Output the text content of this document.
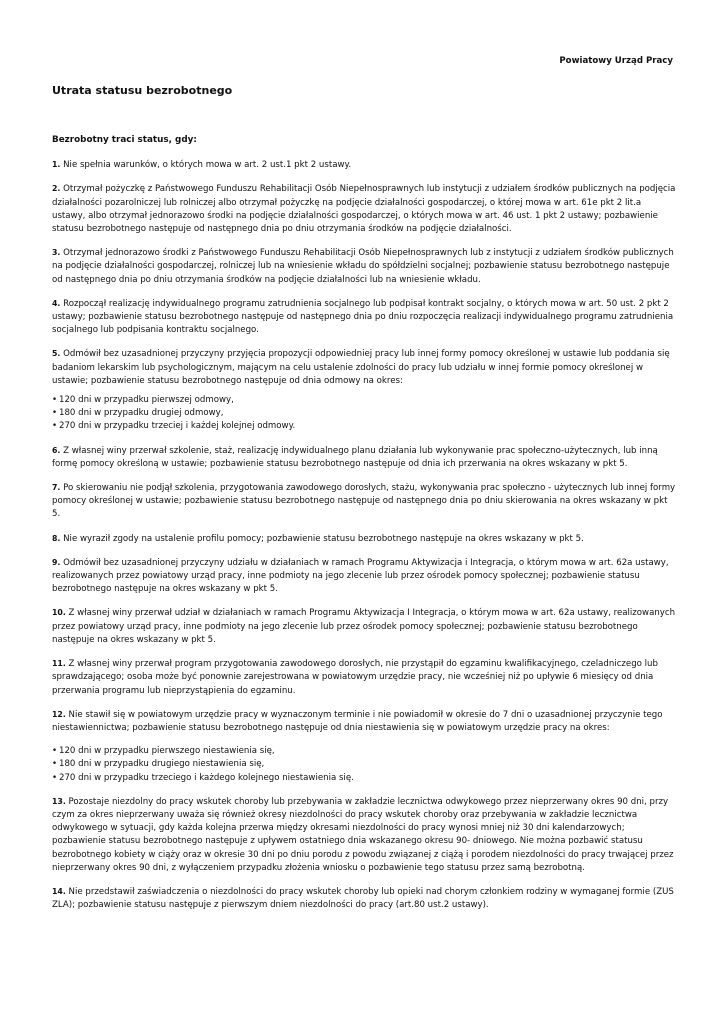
Powiatowy Urząd Pracy
Utrata statusu bezrobotnego

Bezrobotny traci status, gdy:

1. Nie spełnia warunków, o których mowa w art. 2 ust.1 pkt 2 ustawy.

2. Otrzymał pożyczkę z Państwowego Funduszu Rehabilitacji Osób Niepełnosprawnych lub instytucji z udziałem środków publicznych na podjęcia działalności pozarolniczej lub rolniczej albo otrzymał pożyczkę na podjęcie działalności gospodarczej, o której mowa w art. 61e pkt 2 lit.a ustawy, albo otrzymał jednorazowo środki na podjęcie działalności gospodarczej, o których mowa w art. 46 ust. 1 pkt 2 ustawy; pozbawienie statusu bezrobotnego następuje od następnego dnia po dniu otrzymania środków na podjęcie działalności.

3. Otrzymał jednorazowo środki z Państwowego Funduszu Rehabilitacji Osób Niepełnosprawnych lub z instytucji z udziałem środków publicznych na podjęcie działalności gospodarczej, rolniczej lub na wniesienie wkładu do spółdzielni socjalnej; pozbawienie statusu bezrobotnego następuje od następnego dnia po dniu otrzymania środków na podjęcie działalności lub na wniesienie wkładu.

4. Rozpoczął realizację indywidualnego programu zatrudnienia socjalnego lub podpisał kontrakt socjalny, o których mowa w art. 50 ust. 2 pkt 2 ustawy; pozbawienie statusu bezrobotnego następuje od następnego dnia po dniu rozpoczęcia realizacji indywidualnego programu zatrudnienia socjalnego lub podpisania kontraktu socjalnego.

5. Odmówił bez uzasadnionej przyczyny przyjęcia propozycji odpowiedniej pracy lub innej formy pomocy określonej w ustawie lub poddania się badaniom lekarskim lub psychologicznym, mającym na celu ustalenie zdolności do pracy lub udziału w innej formie pomocy określonej w ustawie; pozbawienie statusu bezrobotnego następuje od dnia odmowy na okres:

• 120 dni w przypadku pierwszej odmowy,
• 180 dni w przypadku drugiej odmowy,
• 270 dni w przypadku trzeciej i każdej kolejnej odmowy.

6. Z własnej winy przerwał szkolenie, staż, realizację indywidualnego planu działania lub wykonywanie prac społeczno-użytecznych, lub inną formę pomocy określoną w ustawie; pozbawienie statusu bezrobotnego następuje od dnia ich przerwania na okres wskazany w pkt 5.

7. Po skierowaniu nie podjął szkolenia, przygotowania zawodowego dorosłych, stażu, wykonywania prac społeczno - użytecznych lub innej formy pomocy określonej w ustawie; pozbawienie statusu bezrobotnego następuje od następnego dnia po dniu skierowania na okres wskazany w pkt 5.

8. Nie wyraził zgody na ustalenie profilu pomocy; pozbawienie statusu bezrobotnego następuje na okres wskazany w pkt 5.

9. Odmówił bez uzasadnionej przyczyny udziału w działaniach w ramach Programu Aktywizacja i Integracja, o którym mowa w art. 62a ustawy, realizowanych przez powiatowy urząd pracy, inne podmioty na jego zlecenie lub przez ośrodek pomocy społecznej; pozbawienie statusu bezrobotnego następuje na okres wskazany w pkt 5.

10. Z własnej winy przerwał udział w działaniach w ramach Programu Aktywizacja I Integracja, o którym mowa w art. 62a ustawy, realizowanych przez powiatowy urząd pracy, inne podmioty na jego zlecenie lub przez ośrodek pomocy społecznej; pozbawienie statusu bezrobotnego następuje na okres wskazany w pkt 5.

11. Z własnej winy przerwał program przygotowania zawodowego dorosłych, nie przystąpił do egzaminu kwalifikacyjnego, czeladniczego lub sprawdzającego; osoba może być ponownie zarejestrowana w powiatowym urzędzie pracy, nie wcześniej niż po upływie 6 miesięcy od dnia przerwania programu lub nieprzystąpienia do egzaminu.

12. Nie stawił się w powiatowym urzędzie pracy w wyznaczonym terminie i nie powiadomił w okresie do 7 dni o uzasadnionej przyczynie tego niestawiennictwa; pozbawienie statusu bezrobotnego następuje od dnia niestawienia się w powiatowym urzędzie pracy na okres:

• 120 dni w przypadku pierwszego niestawienia się,
• 180 dni w przypadku drugiego niestawienia się,
• 270 dni w przypadku trzeciego i każdego kolejnego niestawienia się.

13. Pozostaje niezdolny do pracy wskutek choroby lub przebywania w zakładzie lecznictwa odwykowego przez nieprzerwany okres 90 dni, przy czym za okres nieprzerwany uważa się również okresy niezdolności do pracy wskutek choroby oraz przebywania w zakładzie lecznictwa odwykowego w sytuacji, gdy każda kolejna przerwa między okresami niezdolności do pracy wynosi mniej niż 30 dni kalendarzowych; pozbawienie statusu bezrobotnego następuje z upływem ostatniego dnia wskazanego okresu 90- dniowego. Nie można pozbawić statusu bezrobotnego kobiety w ciąży oraz w okresie 30 dni po dniu porodu z powodu związanej z ciążą i porodem niezdolności do pracy trwającej przez nieprzerwany okres 90 dni, z wyłączeniem przypadku złożenia wniosku o pozbawienie tego statusu przez samą bezrobotną.

14. Nie przedstawił zaświadczenia o niezdolności do pracy wskutek choroby lub opieki nad chorym członkiem rodziny w wymaganej formie (ZUS ZLA); pozbawienie statusu następuje z pierwszym dniem niezdolności do pracy (art.80 ust.2 ustawy).
